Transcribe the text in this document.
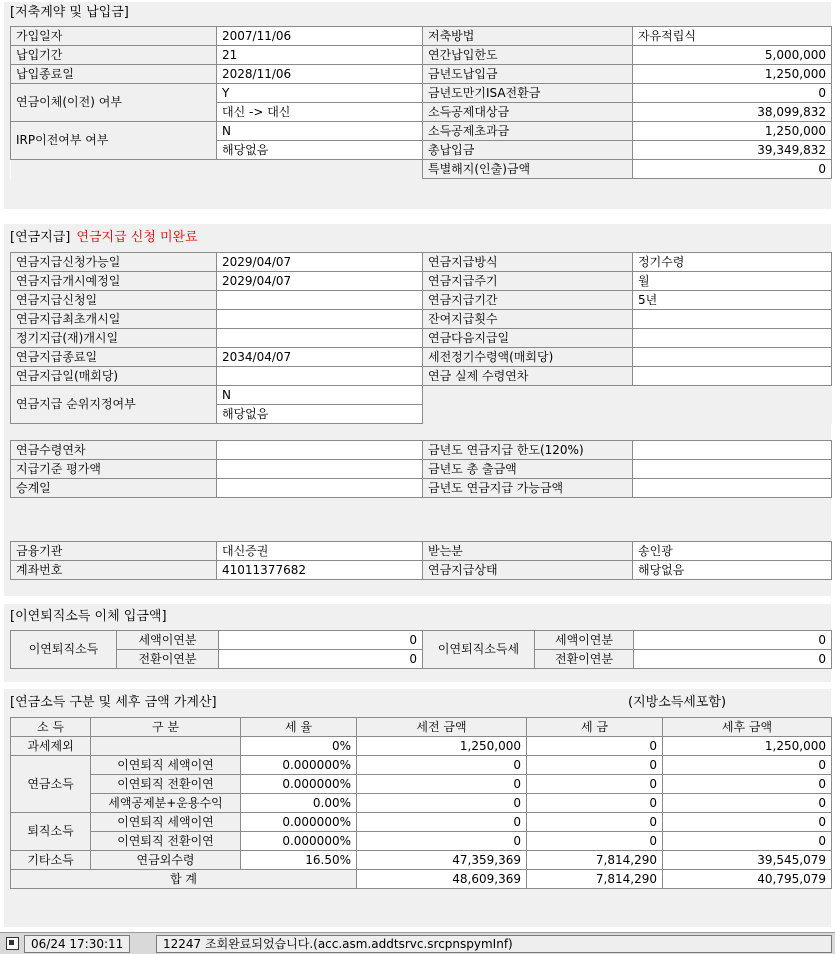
[저축계약 및 납입금]
가입일자	2007/11/06	저축방법	자유적립식
납입기간	21	연간납입한도	5,000,000
납입종료일	2028/11/06	금년도납입금	1,250,000
연금이체(이전) 여부	Y	금년도만기ISA전환금	0
	대신 -> 대신	소득공제대상금	38,099,832
IRP이전여부 여부	N	소득공제초과금	1,250,000
	해당없음	총납입금	39,349,832
		특별해지(인출)금액	0
[연금지급] 연금지급 신청 미완료
연금지급신청가능일	2029/04/07	연금지급방식	정기수령
연금지급개시예정일	2029/04/07	연금지급주기	월
연금지급신청일		연금지급기간	5년
연금지급최초개시일		잔여지급횟수	
정기지급(재)개시일		연금다음지급일	
연금지급종료일	2034/04/07	세전정기수령액(매회당)	
연금지급일(매회당)		연금 실제 수령연차	
연금지급 순위지정여부	N		
	해당없음		
연금수령연차		금년도 연금지급 한도(120%)	
지급기준 평가액		금년도 총 출금액	
승계일		금년도 연금지급 가능금액	
금융기관	대신증권	받는분	송인광
계좌번호	41011377682	연금지급상태	해당없음
[이연퇴직소득 이체 입금액]
이연퇴직소득	세액이연분	0	이연퇴직소득세	세액이연분	0
	전환이연분	0		전환이연분	0
[연금소득 구분 및 세후 금액 가계산]	(지방소득세포함)
소 득	구 분	세 율	세전 금액	세 금	세후 금액
과세제외		0%	1,250,000	0	1,250,000
연금소득	이연퇴직 세액이연	0.000000%	0	0	0
	이연퇴직 전환이연	0.000000%	0	0	0
	세액공제분+운용수익	0.00%	0	0	0
퇴직소득	이연퇴직 세액이연	0.000000%	0	0	0
	이연퇴직 전환이연	0.000000%	0	0	0
기타소득	연금외수령	16.50%	47,359,369	7,814,290	39,545,079
합 계			48,609,369	7,814,290	40,795,079
06/24 17:30:11	12247 조회완료되었습니다.(acc.asm.addtsrvc.srcpnspymInf)
